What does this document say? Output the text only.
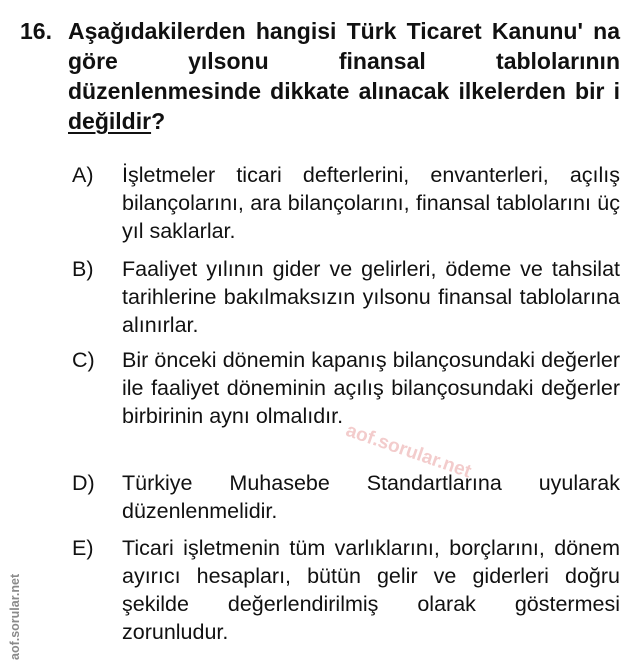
16. Aşağıdakilerden hangisi Türk Ticaret Kanunu' na göre yılsonu finansal tablolarının düzenlenmesinde dikkate alınacak ilkelerden bir i değildir?
A) İşletmeler ticari defterlerini, envanterleri, açılış bilançolarını, ara bilançolarını, finansal tablolarını üç yıl saklarlar.
B) Faaliyet yılının gider ve gelirleri, ödeme ve tahsilat tarihlerine bakılmaksızın yılsonu finansal tablolarına alınırlar.
C) Bir önceki dönemin kapanış bilançosundaki değerler ile faaliyet döneminin açılış bilançosundaki değerler birbirinin aynı olmalıdır.
D) Türkiye Muhasebe Standartlarına uyularak düzenlenmelidir.
E) Ticari işletmenin tüm varlıklarını, borçlarını, dönem ayırıcı hesapları, bütün gelir ve giderleri doğru şekilde değerlendirilmiş olarak göstermesi zorunludur.
aof.sorular.net
aof.sorular.net
